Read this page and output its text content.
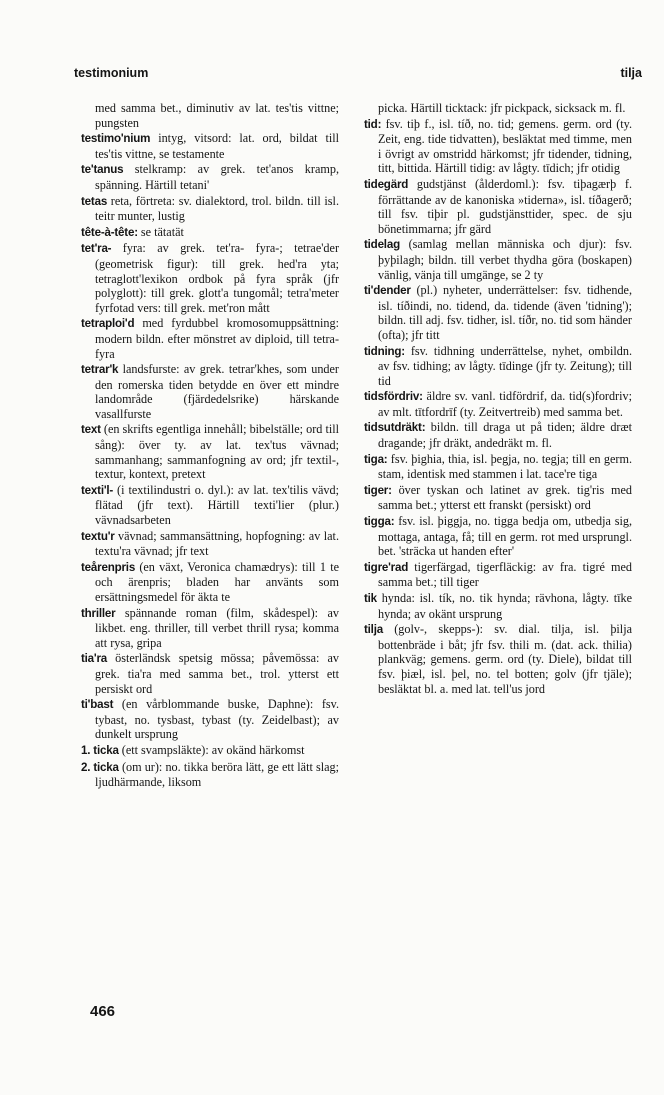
testimonium	tilja
med samma bet., diminutiv av lat. tes'tis vittne; pungsten
testimo'nium intyg, vitsord: lat. ord, bildat till tes'tis vittne, se testamente
te'tanus stelkramp: av grek. tet'anos kramp, spänning. Härtill tetani'
tetas reta, förtreta: sv. dialektord, trol. bildn. till isl. teitr munter, lustig
tête-à-tête: se tätatät
tet'ra- fyra: av grek. tet'ra- fyra-; tetrae'der (geometrisk figur): till grek. hed'ra yta; tetraglott'lexikon ordbok på fyra språk (jfr polyglott): till grek. glott'a tungomål; tetra'meter fyrfotad vers: till grek. met'ron mått
tetraploi'd med fyrdubbel kromosomuppsättning: modern bildn. efter mönstret av diploid, till tetra- fyra
tetrar'k landsfurste: av grek. tetrar'khes, som under den romerska tiden betydde en över ett mindre landområde (fjärdedelsrike) härskande vasallfurste
text (en skrifts egentliga innehåll; bibelställe; ord till sång): över ty. av lat. tex'tus vävnad; sammanhang; sammanfogning av ord; jfr textil-, textur, kontext, pretext
texti'l- (i textilindustri o. dyl.): av lat. tex'tilis vävd; flätad (jfr text). Härtill texti'lier (plur.) vävnadsarbeten
textu'r vävnad; sammansättning, hopfogning: av lat. textu'ra vävnad; jfr text
teårenpris (en växt, Veronica chamædrys): till 1 te och ärenpris; bladen har använts som ersättningsmedel för äkta te
thriller spännande roman (film, skådespel): av likbet. eng. thriller, till verbet thrill rysa; komma att rysa, gripa
tia'ra österländsk spetsig mössa; påvemössa: av grek. tia'ra med samma bet., trol. ytterst ett persiskt ord
ti'bast (en vårblommande buske, Daphne): fsv. tybast, no. tysbast, tybast (ty. Zeidelbast); av dunkelt ursprung
1. ticka (ett svampsläkte): av okänd härkomst
2. ticka (om ur): no. tikka beröra lätt, ge ett lätt slag; ljudhärmande, liksom
picka. Härtill ticktack: jfr pickpack, sicksack m. fl.
tid: fsv. tiþ f., isl. tíð, no. tid; gemens. germ. ord (ty. Zeit, eng. tide tidvatten), besläktat med timme, men i övrigt av omstridd härkomst; jfr tidender, tidning, titt, bittida. Härtill tidig: av lågty. tīdich; jfr otidig
tidegärd gudstjänst (ålderdoml.): fsv. tiþagærþ f. förrättande av de kanoniska »tiderna», isl. tíðagerð; till fsv. tiþir pl. gudstjänsttider, spec. de sju bönetimmarna; jfr gärd
tidelag (samlag mellan människa och djur): fsv. þyþilagh; bildn. till verbet thydha göra (boskapen) vänlig, vänja till umgänge, se 2 ty
ti'dender (pl.) nyheter, underrättelser: fsv. tidhende, isl. tíðindi, no. tidend, da. tidende (även 'tidning'); bildn. till adj. fsv. tidher, isl. tíðr, no. tid som händer (ofta); jfr titt
tidning: fsv. tidhning underrättelse, nyhet, ombildn. av fsv. tidhing; av lågty. tīdinge (jfr ty. Zeitung); till tid
tidsfördriv: äldre sv. vanl. tidfördrif, da. tid(s)fordriv; av mlt. tītfordrīf (ty. Zeitvertreib) med samma bet.
tidsutdräkt: bildn. till draga ut på tiden; äldre dræt dragande; jfr dräkt, andedräkt m. fl.
tiga: fsv. þighia, thia, isl. þegja, no. tegja; till en germ. stam, identisk med stammen i lat. tace're tiga
tiger: över tyskan och latinet av grek. tig'ris med samma bet.; ytterst ett franskt (persiskt) ord
tigga: fsv. isl. þiggja, no. tigga bedja om, utbedja sig, mottaga, antaga, få; till en germ. rot med ursprungl. bet. 'sträcka ut handen efter'
tigre'rad tigerfärgad, tigerfläckig: av fra. tigré med samma bet.; till tiger
tik hynda: isl. tík, no. tik hynda; rävhona, lågty. tīke hynda; av okänt ursprung
tilja (golv-, skepps-): sv. dial. tilja, isl. þilja bottenbräde i båt; jfr fsv. thili m. (dat. ack. thilia) plankväg; gemens. germ. ord (ty. Diele), bildat till fsv. þiæl, isl. þel, no. tel botten; golv (jfr tjäle); besläktat bl. a. med lat. tell'us jord
466
